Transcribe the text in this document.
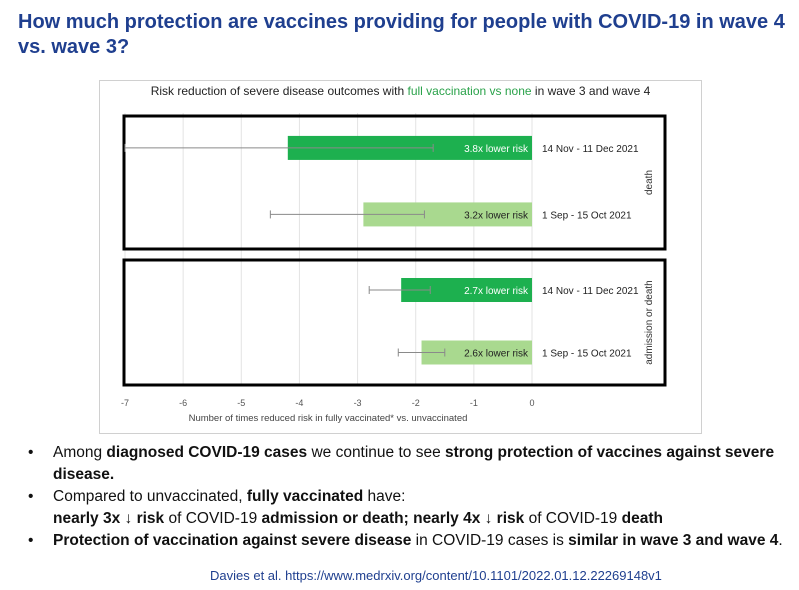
How much protection are vaccines providing for people with COVID-19 in wave 4 vs. wave 3?
Risk reduction of severe disease outcomes with full vaccination vs none in wave 3 and wave 4
-7	-6	-5	-4	-3	-2	-1	0
Number of times reduced risk in fully vaccinated* vs. unvaccinated
3.8x lower risk 14 Nov - 11 Dec 2021
3.2x lower risk 1 Sep - 15 Oct 2021
death
2.7x lower risk 14 Nov - 11 Dec 2021
2.6x lower risk 1 Sep - 15 Oct 2021 admission or death
• Among diagnosed COVID-19 cases we continue to see strong protection of vaccines against severe disease.
• Compared to unvaccinated, fully vaccinated have:
nearly 3x ↓ risk of COVID-19 admission or death; nearly 4x ↓ risk of COVID-19 death
• Protection of vaccination against severe disease in COVID-19 cases is similar in wave 3 and wave 4.
Davies et al. https://www.medrxiv.org/content/10.1101/2022.01.12.22269148v1
